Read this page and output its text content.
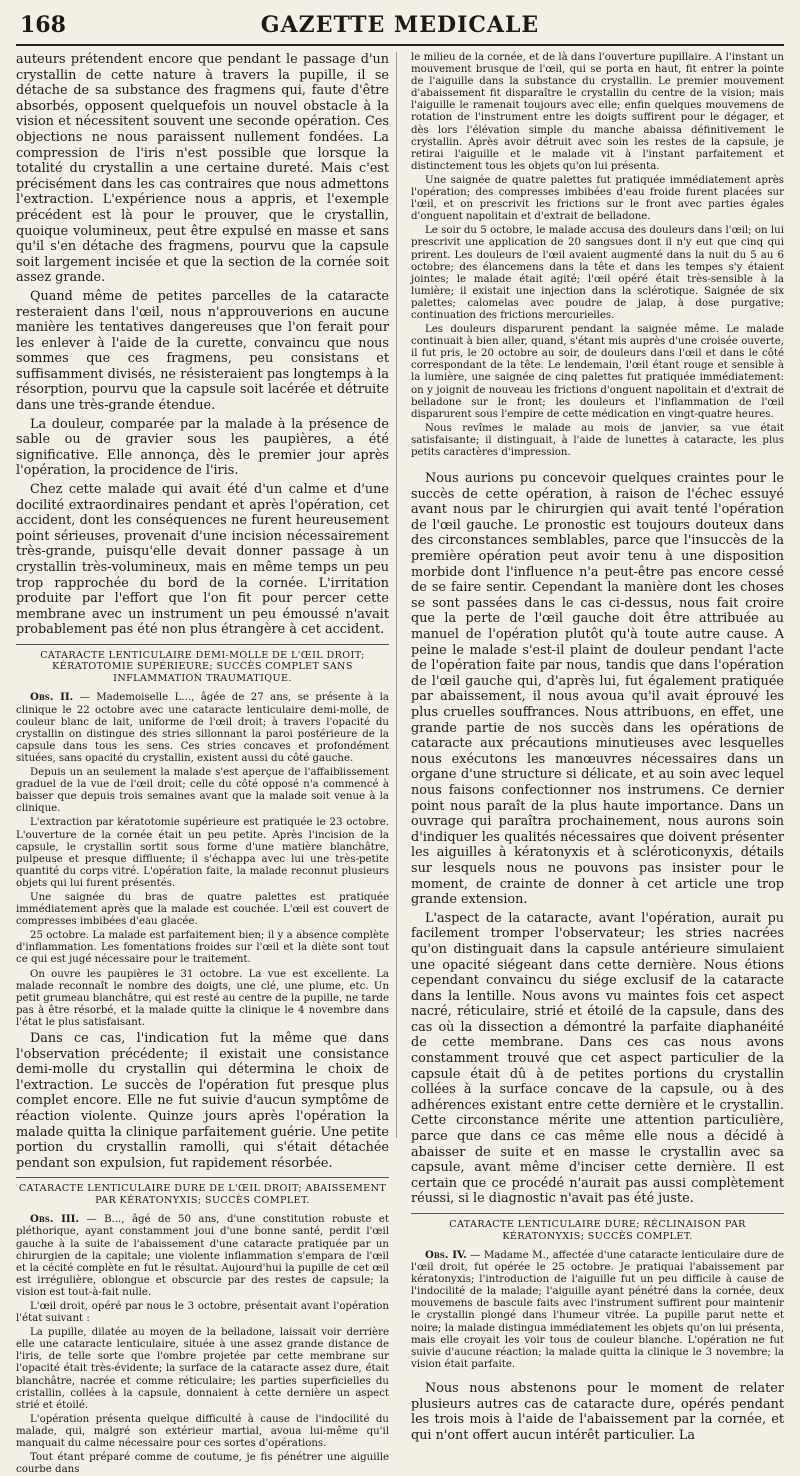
168	GAZETTE MEDICALE

auteurs prétendent encore que pendant le passage d'un crystallin de cette nature à travers la pupille, il se détache de sa substance des fragmens qui, faute d'être absorbés, opposent quelquefois un nouvel obstacle à la vision et nécessitent souvent une seconde opération. Ces objections ne nous paraissent nullement fondées. La compression de l'iris n'est possible que lorsque la totalité du crystallin a une certaine dureté. Mais c'est précisément dans les cas contraires que nous admettons l'extraction. L'expérience nous a appris, et l'exemple précédent est là pour le prouver, que le crystallin, quoique volumineux, peut être expulsé en masse et sans qu'il s'en détache des fragmens, pourvu que la capsule soit largement incisée et que la section de la cornée soit assez grande.

Quand même de petites parcelles de la cataracte resteraient dans l'œil, nous n'approuverions en aucune manière les tentatives dangereuses que l'on ferait pour les enlever à l'aide de la curette, convaincu que nous sommes que ces fragmens, peu consistans et suffisamment divisés, ne résisteraient pas longtemps à la résorption, pourvu que la capsule soit lacérée et détruite dans une très-grande étendue.

La douleur, comparée par la malade à la présence de sable ou de gravier sous les paupières, a été significative. Elle annonça, dès le premier jour après l'opération, la procidence de l'iris.

Chez cette malade qui avait été d'un calme et d'une docilité extraordinaires pendant et après l'opération, cet accident, dont les conséquences ne furent heureusement point sérieuses, provenait d'une incision nécessairement très-grande, puisqu'elle devait donner passage à un crystallin très-volumineux, mais en même temps un peu trop rapprochée du bord de la cornée. L'irritation produite par l'effort que l'on fit pour percer cette membrane avec un instrument un peu émoussé n'avait probablement pas été non plus étrangère à cet accident.

CATARACTE LENTICULAIRE DEMI-MOLLE DE L'ŒIL DROIT; KÉRATOTOMIE SUPÉRIEURE; SUCCÈS COMPLET SANS INFLAMMATION TRAUMATIQUE.

Obs. II. — Mademoiselle L..., âgée de 27 ans, se présente à la clinique le 22 octobre avec une cataracte lenticulaire demi-molle, de couleur blanc de lait, uniforme de l'œil droit; à travers l'opacité du crystallin on distingue des stries sillonnant la paroi postérieure de la capsule dans tous les sens. Ces stries concaves et profondément situées, sans opacité du crystallin, existent aussi du côté gauche.

Depuis un an seulement la malade s'est aperçue de l'affaiblissement graduel de la vue de l'œil droit; celle du côté opposé n'a commencé à baisser que depuis trois semaines avant que la malade soit venue à la clinique.

L'extraction par kératotomie supérieure est pratiquée le 23 octobre. L'ouverture de la cornée était un peu petite. Après l'incision de la capsule, le crystallin sortit sous forme d'une matière blanchâtre, pulpeuse et presque diffluente; il s'échappa avec lui une très-petite quantité du corps vitré. L'opération faite, la malade reconnut plusieurs objets qui lui furent présentés.

Une saignée du bras de quatre palettes est pratiquée immédiatement après que la malade est couchée. L'œil est couvert de compresses imbibées d'eau glacée.

25 octobre. La malade est parfaitement bien; il y a absence complète d'inflammation. Les fomentations froides sur l'œil et la diète sont tout ce qui est jugé nécessaire pour le traitement.

On ouvre les paupières le 31 octobre. La vue est excellente. La malade reconnaît le nombre des doigts, une clé, une plume, etc. Un petit grumeau blanchâtre, qui est resté au centre de la pupille, ne tarde pas à être résorbé, et la malade quitte la clinique le 4 novembre dans l'état le plus satisfaisant.

Dans ce cas, l'indication fut la même que dans l'observation précédente; il existait une consistance demi-molle du crystallin qui détermina le choix de l'extraction. Le succès de l'opération fut presque plus complet encore. Elle ne fut suivie d'aucun symptôme de réaction violente. Quinze jours après l'opération la malade quitta la clinique parfaitement guérie. Une petite portion du crystallin ramolli, qui s'était détachée pendant son expulsion, fut rapidement résorbée.

CATARACTE LENTICULAIRE DURE DE L'ŒIL DROIT; ABAISSEMENT PAR KÉRATONYXIS; SUCCÈS COMPLET.

Obs. III. — B..., âgé de 50 ans, d'une constitution robuste et pléthorique, ayant constamment joui d'une bonne santé, perdit l'œil gauche à la suite de l'abaissement d'une cataracte pratiquée par un chirurgien de la capitale; une violente inflammation s'empara de l'œil et la cécité complète en fut le résultat. Aujourd'hui la pupille de cet œil est irrégulière, oblongue et obscurcie par des restes de capsule; la vision est tout-à-fait nulle.

L'œil droit, opéré par nous le 3 octobre, présentait avant l'opération l'état suivant :

La pupille, dilatée au moyen de la belladone, laissait voir derrière elle une cataracte lenticulaire, située à une assez grande distance de l'iris, de telle sorte que l'ombre projetée par cette membrane sur l'opacité était très-évidente; la surface de la cataracte assez dure, était blanchâtre, nacrée et comme réticulaire; les parties superficielles du cristallin, collées à la capsule, donnaient à cette dernière un aspect strié et étoilé.

L'opération présenta quelque difficulté à cause de l'indocilité du malade, qui, malgré son extérieur martial, avoua lui-même qu'il manquait du calme nécessaire pour ces sortes d'opérations.

Tout étant préparé comme de coutume, je fis pénétrer une aiguille courbe dans

le milieu de la cornée, et de là dans l'ouverture pupillaire. A l'instant un mouvement brusque de l'œil, qui se porta en haut, fit entrer la pointe de l'aiguille dans la substance du crystallin. Le premier mouvement d'abaissement fit disparaître le crystallin du centre de la vision; mais l'aiguille le ramenait toujours avec elle; enfin quelques mouvemens de rotation de l'instrument entre les doigts suffirent pour le dégager, et dès lors l'élévation simple du manche abaissa définitivement le crystallin. Après avoir détruit avec soin les restes de la capsule, je retirai l'aiguille et le malade vit à l'instant parfaitement et distinctement tous les objets qu'on lui présenta.

Une saignée de quatre palettes fut pratiquée immédiatement après l'opération; des compresses imbibées d'eau froide furent placées sur l'œil, et on prescrivit les frictions sur le front avec parties égales d'onguent napolitain et d'extrait de belladone.

Le soir du 5 octobre, le malade accusa des douleurs dans l'œil; on lui prescrivit une application de 20 sangsues dont il n'y eut que cinq qui prirent. Les douleurs de l'œil avaient augmenté dans la nuit du 5 au 6 octobre; des élancemens dans la tête et dans les tempes s'y étaient jointes; le malade était agité; l'œil opéré était très-sensible à la lumière; il existait une injection dans la sclérotique. Saignée de six palettes; calomelas avec poudre de jalap, à dose purgative; continuation des frictions mercurielles.

Les douleurs disparurent pendant la saignée même. Le malade continuait à bien aller, quand, s'étant mis auprès d'une croisée ouverte, il fut pris, le 20 octobre au soir, de douleurs dans l'œil et dans le côté correspondant de la tête. Le lendemain, l'œil étant rouge et sensible à la lumière, une saignée de cinq palettes fut pratiquée immédiatement: on y joignit de nouveau les frictions d'onguent napolitain et d'extrait de belladone sur le front; les douleurs et l'inflammation de l'œil disparurent sous l'empire de cette médication en vingt-quatre heures.

Nous revîmes le malade au mois de janvier, sa vue était satisfaisante; il distinguait, à l'aide de lunettes à cataracte, les plus petits caractères d'impression.

Nous aurions pu concevoir quelques craintes pour le succès de cette opération, à raison de l'échec essuyé avant nous par le chirurgien qui avait tenté l'opération de l'œil gauche. Le pronostic est toujours douteux dans des circonstances semblables, parce que l'insuccès de la première opération peut avoir tenu à une disposition morbide dont l'influence n'a peut-être pas encore cessé de se faire sentir. Cependant la manière dont les choses se sont passées dans le cas ci-dessus, nous fait croire que la perte de l'œil gauche doit être attribuée au manuel de l'opération plutôt qu'à toute autre cause. A peine le malade s'est-il plaint de douleur pendant l'acte de l'opération faite par nous, tandis que dans l'opération de l'œil gauche qui, d'après lui, fut également pratiquée par abaissement, il nous avoua qu'il avait éprouvé les plus cruelles souffrances. Nous attribuons, en effet, une grande partie de nos succès dans les opérations de cataracte aux précautions minutieuses avec lesquelles nous exécutons les manœuvres nécessaires dans un organe d'une structure si délicate, et au soin avec lequel nous faisons confectionner nos instrumens. Ce dernier point nous paraît de la plus haute importance. Dans un ouvrage qui paraîtra prochainement, nous aurons soin d'indiquer les qualités nécessaires que doivent présenter les aiguilles à kératonyxis et à scléroticonyxis, détails sur lesquels nous ne pouvons pas insister pour le moment, de crainte de donner à cet article une trop grande extension.

L'aspect de la cataracte, avant l'opération, aurait pu facilement tromper l'observateur; les stries nacrées qu'on distinguait dans la capsule antérieure simulaient une opacité siégeant dans cette dernière. Nous étions cependant convaincu du siége exclusif de la cataracte dans la lentille. Nous avons vu maintes fois cet aspect nacré, réticulaire, strié et étoilé de la capsule, dans des cas où la dissection a démontré la parfaite diaphanéité de cette membrane. Dans ces cas nous avons constamment trouvé que cet aspect particulier de la capsule était dû à de petites portions du crystallin collées à la surface concave de la capsule, ou à des adhérences existant entre cette dernière et le crystallin. Cette circonstance mérite une attention particulière, parce que dans ce cas même elle nous a décidé à abaisser de suite et en masse le crystallin avec sa capsule, avant même d'inciser cette dernière. Il est certain que ce procédé n'aurait pas aussi complètement réussi, si le diagnostic n'avait pas été juste.

CATARACTE LENTICULAIRE DURE; RÉCLINAISON PAR KÉRATONYXIS; SUCCÈS COMPLET.

Obs. IV. — Madame M., affectée d'une cataracte lenticulaire dure de l'œil droit, fut opérée le 25 octobre. Je pratiquai l'abaissement par kératonyxis; l'introduction de l'aiguille fut un peu difficile à cause de l'indocilité de la malade; l'aiguille ayant pénétré dans la cornée, deux mouvemens de bascule faits avec l'instrument suffirent pour maintenir le crystallin plongé dans l'humeur vitrée. La pupille parut nette et noire; la malade distingua immédiatement les objets qu'on lui présenta, mais elle croyait les voir tous de couleur blanche. L'opération ne fut suivie d'aucune réaction; la malade quitta la clinique le 3 novembre; la vision était parfaite.

Nous nous abstenons pour le moment de relater plusieurs autres cas de cataracte dure, opérés pendant les trois mois à l'aide de l'abaissement par la cornée, et qui n'ont offert aucun intérêt particulier. La
